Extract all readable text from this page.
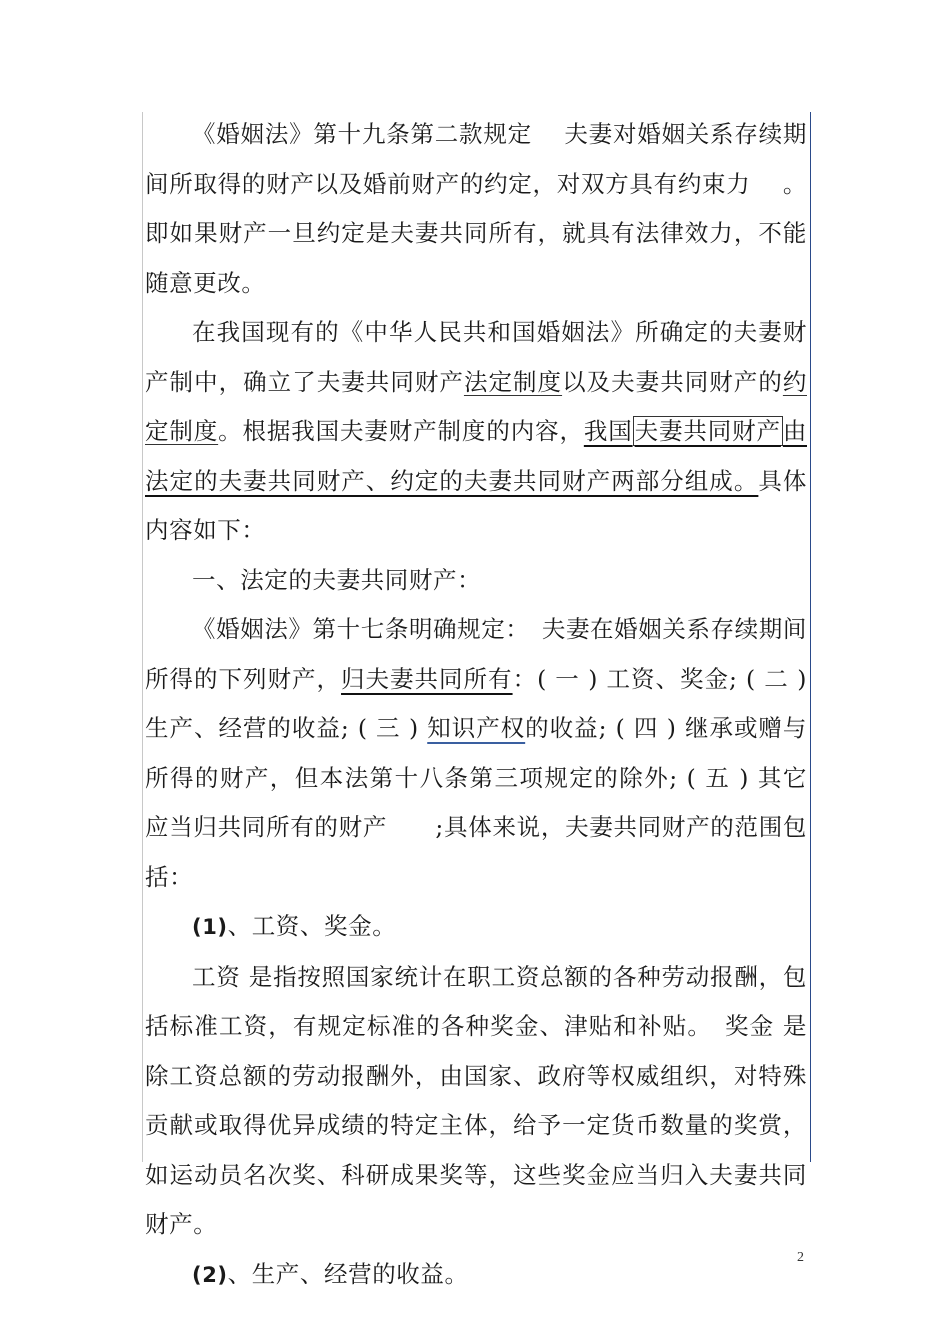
《婚姻法》第十九条第二款规定　 夫妻对婚姻关系存续期间所取得的财产以及婚前财产的约定，对双方具有约束力　 。即如果财产一旦约定是夫妻共同所有，就具有法律效力，不能随意更改。

在我国现有的《中华人民共和国婚姻法》所确定的夫妻财产制中，确立了夫妻共同财产法定制度以及夫妻共同财产的约定制度。根据我国夫妻财产制度的内容，我国夫妻共同财产由法定的夫妻共同财产、约定的夫妻共同财产两部分组成。具体内容如下：

一、法定的夫妻共同财产：

《婚姻法》第十七条明确规定：　夫妻在婚姻关系存续期间所得的下列财产，归夫妻共同所有：( 一 ) 工资、奖金; ( 二 ) 生产、经营的收益; ( 三 ) 知识产权的收益; ( 四 ) 继承或赠与所得的财产，但本法第十八条第三项规定的除外; ( 五 ) 其它应当归共同所有的财产　　;具体来说，夫妻共同财产的范围包括：

(1)、工资、奖金。

工资 是指按照国家统计在职工资总额的各种劳动报酬，包括标准工资，有规定标准的各种奖金、津贴和补贴。　奖金 是除工资总额的劳动报酬外，由国家、政府等权威组织，对特殊贡献或取得优异成绩的特定主体，给予一定货币数量的奖赏，如运动员名次奖、科研成果奖等，这些奖金应当归入夫妻共同财产。

(2)、生产、经营的收益。

2
